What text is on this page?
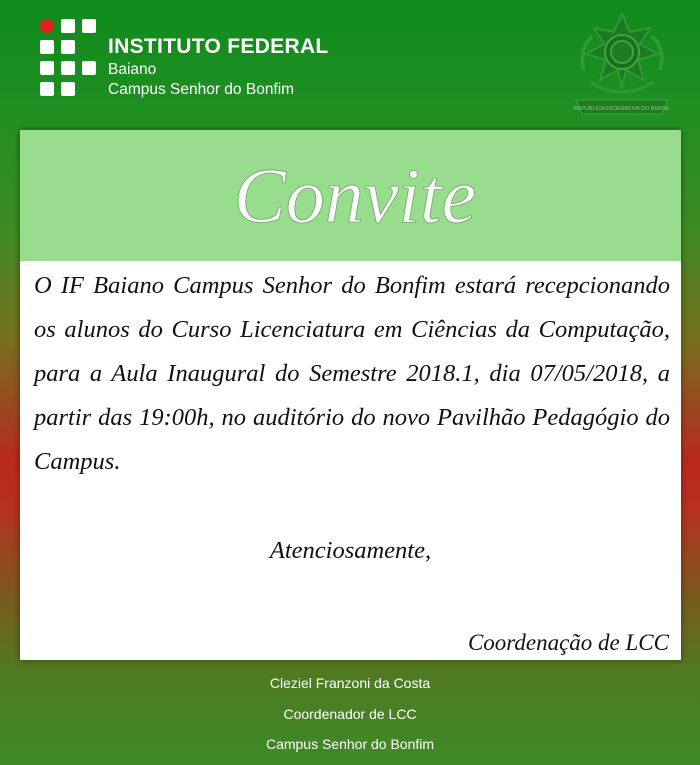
INSTITUTO FEDERAL
Baiano
Campus Senhor do Bonfim
REPÚBLICA FEDERATIVA DO BRASIL
Convite
O IF Baiano Campus Senhor do Bonfim estará recepcionando os alunos do Curso Licenciatura em Ciências da Computação, para a Aula Inaugural do Semestre 2018.1, dia 07/05/2018, a partir das 19:00h, no auditório do novo Pavilhão Pedagógio do Campus.
Atenciosamente,
Coordenação de LCC
Cleziel Franzoni da Costa
Coordenador de LCC
Campus Senhor do Bonfim
